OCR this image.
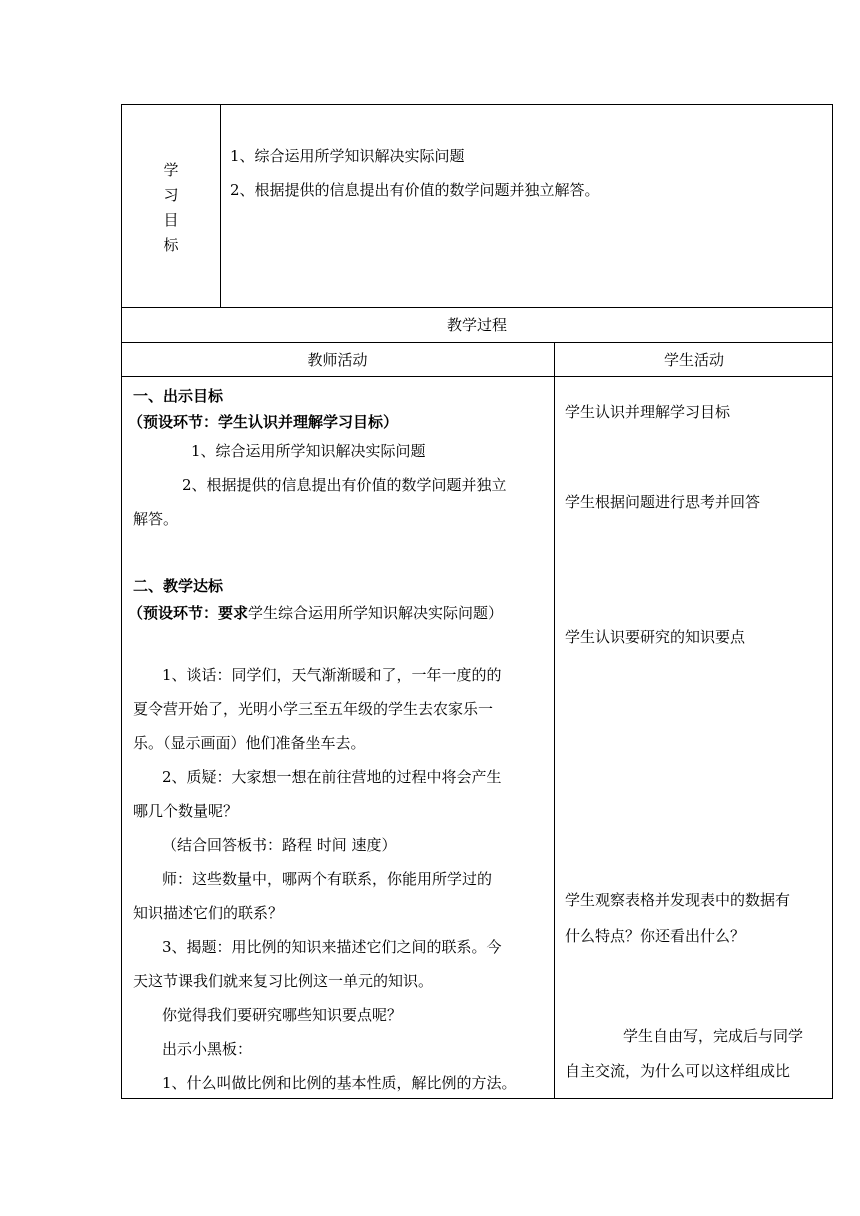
学
习
目
标
1、综合运用所学知识解决实际问题
2、根据提供的信息提出有价值的数学问题并独立解答。
教学过程
教师活动	学生活动
一、出示目标
（预设环节：学生认识并理解学习目标）
1、综合运用所学知识解决实际问题
2、根据提供的信息提出有价值的数学问题并独立
解答。
二、教学达标
（预设环节：要求学生综合运用所学知识解决实际问题）
1、谈话：同学们，天气渐渐暖和了，一年一度的的
夏令营开始了，光明小学三至五年级的学生去农家乐一
乐。（显示画面）他们准备坐车去。
2、质疑：大家想一想在前往营地的过程中将会产生
哪几个数量呢？
（结合回答板书：路程 时间 速度）
师：这些数量中，哪两个有联系，你能用所学过的
知识描述它们的联系？
3、揭题：用比例的知识来描述它们之间的联系。今
天这节课我们就来复习比例这一单元的知识。
你觉得我们要研究哪些知识要点呢？
出示小黑板：
1、什么叫做比例和比例的基本性质，解比例的方法。
学生认识并理解学习目标
学生根据问题进行思考并回答
学生认识要研究的知识要点
学生观察表格并发现表中的数据有
什么特点？你还看出什么？
学生自由写，完成后与同学
自主交流，为什么可以这样组成比
